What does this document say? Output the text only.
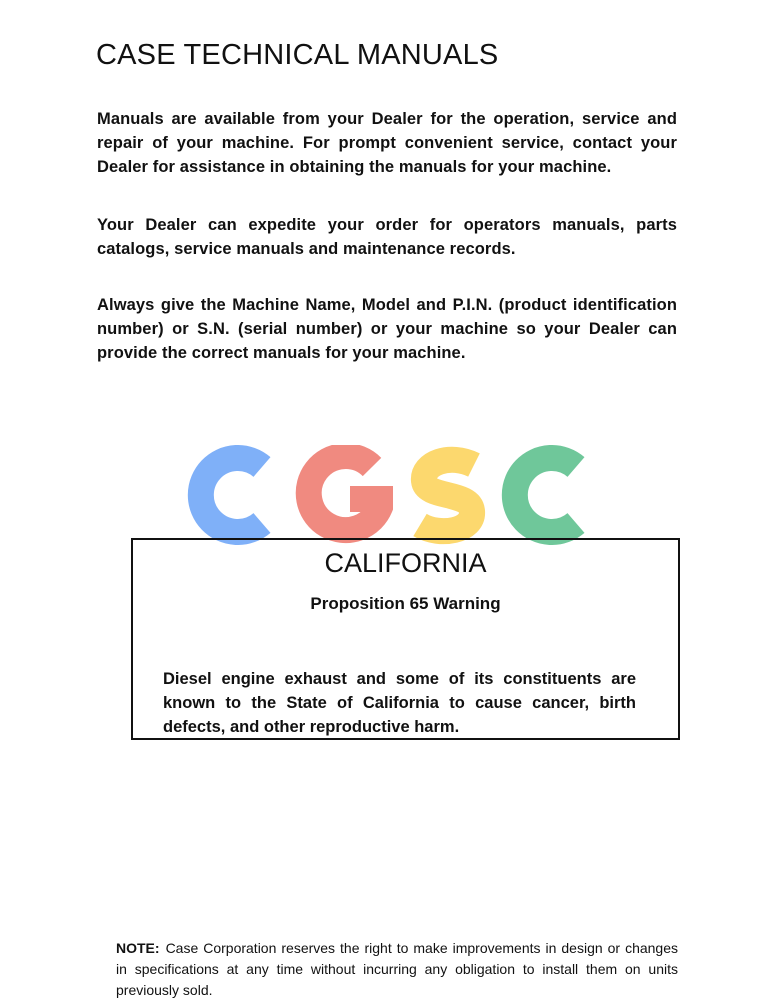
CASE TECHNICAL MANUALS

Manuals are available from your Dealer for the operation, service and repair of your machine. For prompt convenient service, contact your Dealer for assistance in obtaining the manuals for your machine.

Your Dealer can expedite your order for operators manuals, parts catalogs, service manuals and maintenance records.

Always give the Machine Name, Model and P.I.N. (product identification number) or S.N. (serial number) or your machine so your Dealer can provide the correct manuals for your machine.

CALIFORNIA
Proposition 65 Warning

Diesel engine exhaust and some of its constituents are known to the State of California to cause cancer, birth defects, and other reproductive harm.

NOTE: Case Corporation reserves the right to make improvements in design or changes in specifications at any time without incurring any obligation to install them on units previously sold.
